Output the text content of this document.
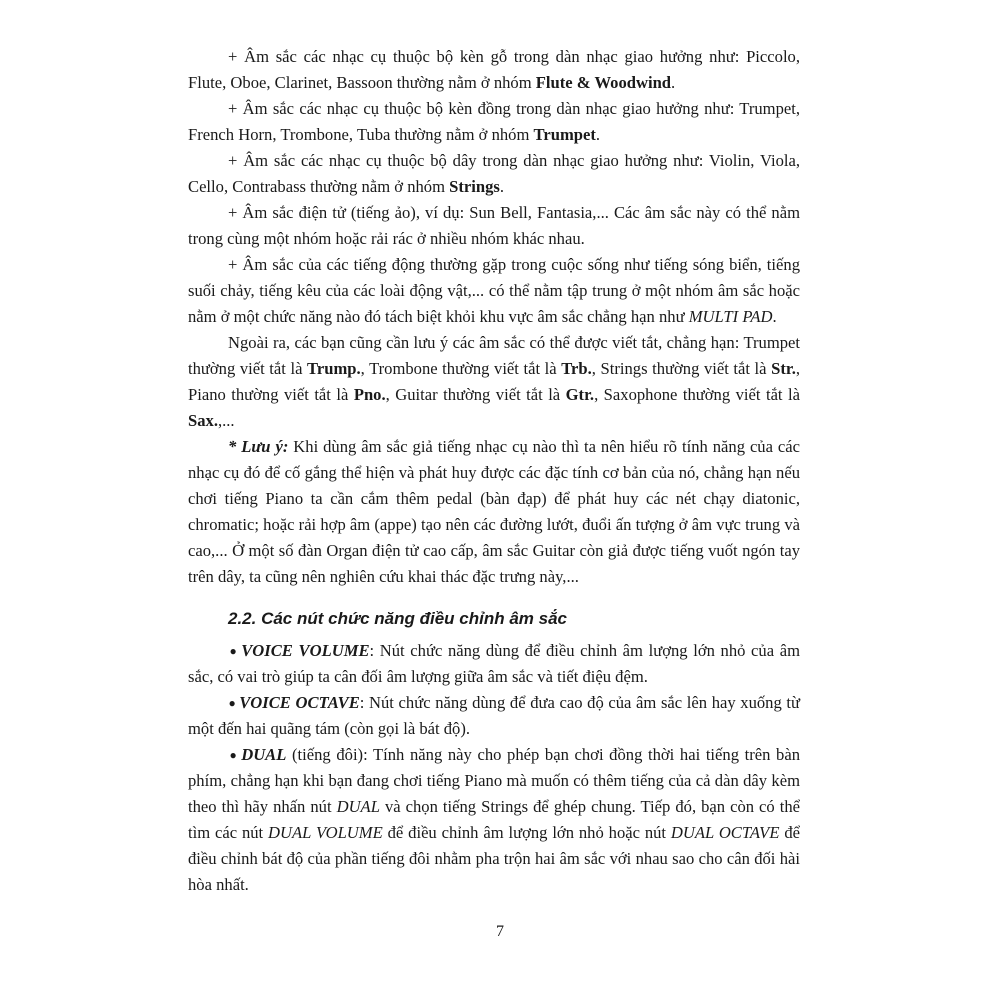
+ Âm sắc các nhạc cụ thuộc bộ kèn gỗ trong dàn nhạc giao hưởng như: Piccolo, Flute, Oboe, Clarinet, Bassoon thường nằm ở nhóm Flute & Woodwind.

+ Âm sắc các nhạc cụ thuộc bộ kèn đồng trong dàn nhạc giao hưởng như: Trumpet, French Horn, Trombone, Tuba thường nằm ở nhóm Trumpet.

+ Âm sắc các nhạc cụ thuộc bộ dây trong dàn nhạc giao hưởng như: Violin, Viola, Cello, Contrabass thường nằm ở nhóm Strings.

+ Âm sắc điện tử (tiếng ảo), ví dụ: Sun Bell, Fantasia,... Các âm sắc này có thể nằm trong cùng một nhóm hoặc rải rác ở nhiều nhóm khác nhau.

+ Âm sắc của các tiếng động thường gặp trong cuộc sống như tiếng sóng biển, tiếng suối chảy, tiếng kêu của các loài động vật,... có thể nằm tập trung ở một nhóm âm sắc hoặc nằm ở một chức năng nào đó tách biệt khỏi khu vực âm sắc chẳng hạn như MULTI PAD.

Ngoài ra, các bạn cũng cần lưu ý các âm sắc có thể được viết tắt, chẳng hạn: Trumpet thường viết tắt là Trump., Trombone thường viết tắt là Trb., Strings thường viết tắt là Str., Piano thường viết tắt là Pno., Guitar thường viết tắt là Gtr., Saxophone thường viết tắt là Sax.,...

* Lưu ý: Khi dùng âm sắc giả tiếng nhạc cụ nào thì ta nên hiểu rõ tính năng của các nhạc cụ đó để cố gắng thể hiện và phát huy được các đặc tính cơ bản của nó, chẳng hạn nếu chơi tiếng Piano ta cần cắm thêm pedal (bàn đạp) để phát huy các nét chạy diatonic, chromatic; hoặc rải hợp âm (appe) tạo nên các đường lướt, đuổi ấn tượng ở âm vực trung và cao,... Ở một số đàn Organ điện tử cao cấp, âm sắc Guitar còn giả được tiếng vuốt ngón tay trên dây, ta cũng nên nghiên cứu khai thác đặc trưng này,...

2.2. Các nút chức năng điều chỉnh âm sắc

● VOICE VOLUME: Nút chức năng dùng để điều chỉnh âm lượng lớn nhỏ của âm sắc, có vai trò giúp ta cân đối âm lượng giữa âm sắc và tiết điệu đệm.

● VOICE OCTAVE: Nút chức năng dùng để đưa cao độ của âm sắc lên hay xuống từ một đến hai quãng tám (còn gọi là bát độ).

● DUAL (tiếng đôi): Tính năng này cho phép bạn chơi đồng thời hai tiếng trên bàn phím, chẳng hạn khi bạn đang chơi tiếng Piano mà muốn có thêm tiếng của cả dàn dây kèm theo thì hãy nhấn nút DUAL và chọn tiếng Strings để ghép chung. Tiếp đó, bạn còn có thể tìm các nút DUAL VOLUME để điều chỉnh âm lượng lớn nhỏ hoặc nút DUAL OCTAVE để điều chỉnh bát độ của phần tiếng đôi nhằm pha trộn hai âm sắc với nhau sao cho cân đối hài hòa nhất.

7
